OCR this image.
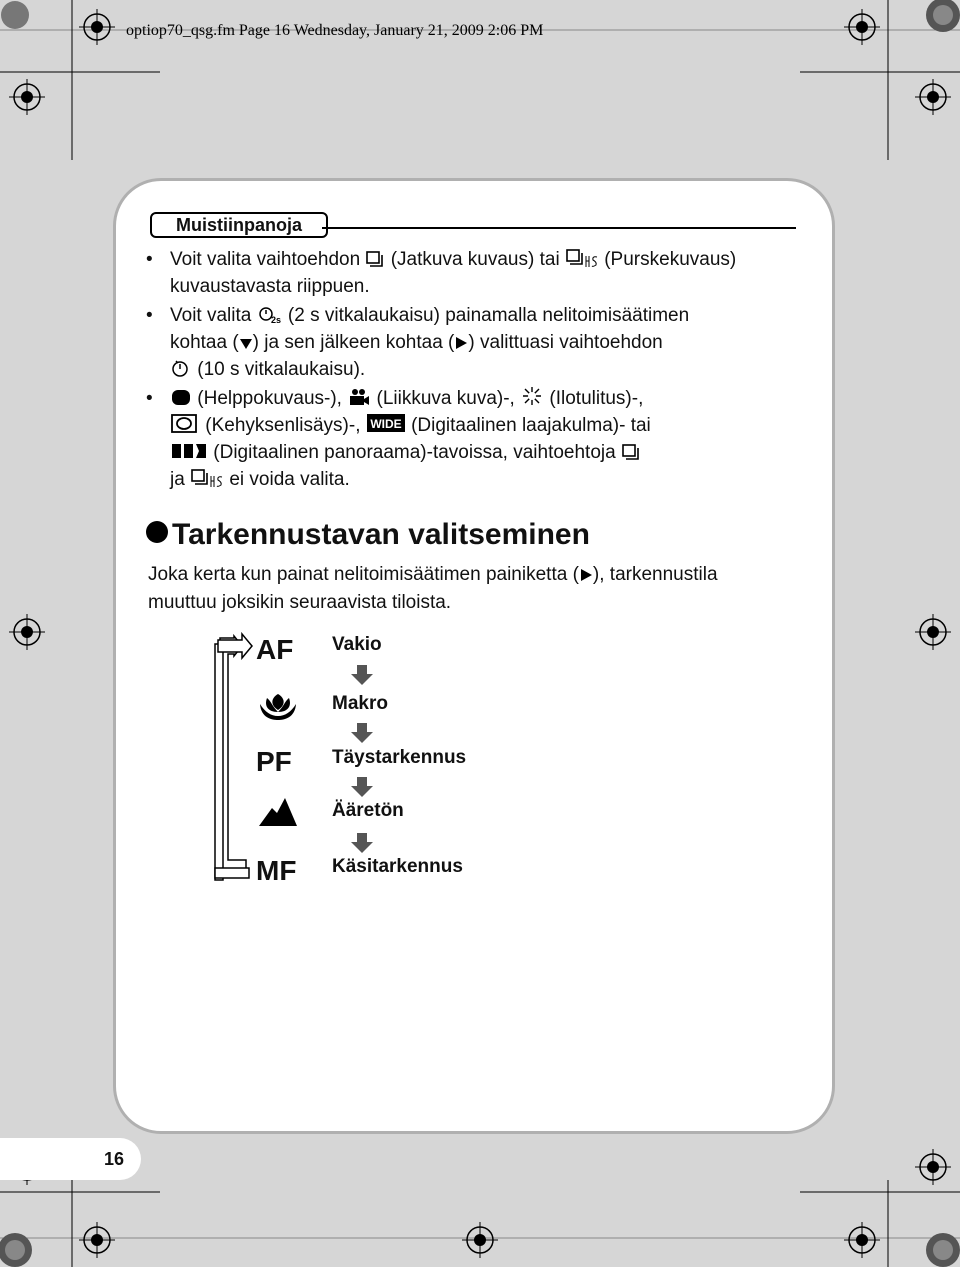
optiop70_qsg.fm Page 16 Wednesday, January 21, 2009 2:06 PM
16
Muistiinpanoja
• Voit valita vaihtoehdon (Jatkuva kuvaus) tai (Purskekuvaus)
kuvaustavasta riippuen.
• Voit valita 2s (2 s vitkalaukaisu) painamalla nelitoimisäätimen
kohtaa ( ) ja sen jälkeen kohtaa ( ) valittuasi vaihtoehdon
(10 s vitkalaukaisu).
• (Helppokuvaus-), (Liikkuva kuva)-, (Ilotulitus)-,
(Kehyksenlisäys)-, WIDE (Digitaalinen laajakulma)- tai
(Digitaalinen panoraama)-tavoissa, vaihtoehtoja
ja ei voida valita.
Tarkennustavan valitseminen
Joka kerta kun painat nelitoimisäätimen painiketta ( ), tarkennustila
muuttuu joksikin seuraavista tiloista.
AF	Vakio
Makro
PF	Täystarkennus
Ääretön
MF	Käsitarkennus
